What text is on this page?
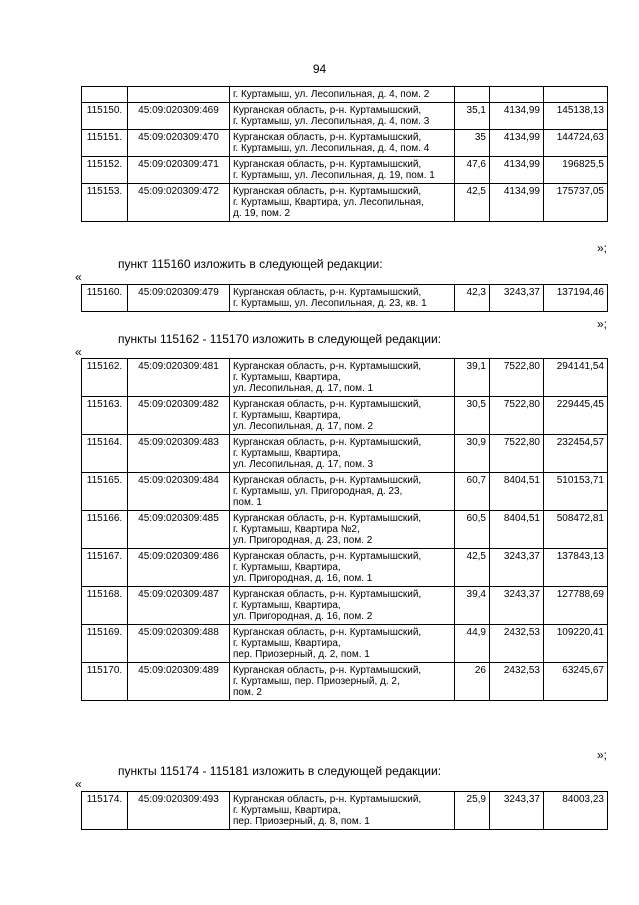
94

		г. Куртамыш, ул. Лесопильная, д. 4, пом. 2			

115150.	45:09:020309:469	Курганская область, р-н. Куртамышский,
г. Куртамыш, ул. Лесопильная, д. 4, пом. 3	35,1	4134,99	145138,13
115151.	45:09:020309:470	Курганская область, р-н. Куртамышский,
г. Куртамыш, ул. Лесопильная, д. 4, пом. 4	35	4134,99	144724,63
115152.	45:09:020309:471	Курганская область, р-н. Куртамышский,
г. Куртамыш, ул. Лесопильная, д. 19, пом. 1	47,6	4134,99	196825,5
115153.	45:09:020309:472	Курганская область, р-н. Куртамышский,
г. Куртамыш, Квартира, ул. Лесопильная,
д. 19, пом. 2	42,5	4134,99	175737,05
»;
пункт 115160 изложить в следующей редакции:
«
115160.	45:09:020309:479	Курганская область, р-н. Куртамышский,
г. Куртамыш, ул. Лесопильная, д. 23, кв. 1
	42,3	3243,37	137194,46
»;
пункты 115162 - 115170 изложить в следующей редакции:
«
115162.	45:09:020309:481	Курганская область, р-н. Куртамышский,
г. Куртамыш, Квартира,
ул. Лесопильная, д. 17, пом. 1	39,1	7522,80	294141,54
115163.	45:09:020309:482	Курганская область, р-н. Куртамышский,
г. Куртамыш, Квартира,
ул. Лесопильная, д. 17, пом. 2	30,5	7522,80	229445,45
115164.	45:09:020309:483	Курганская область, р-н. Куртамышский,
г. Куртамыш, Квартира,
ул. Лесопильная, д. 17, пом. 3	30,9	7522,80	232454,57
115165.	45:09:020309:484	Курганская область, р-н. Куртамышский,
г. Куртамыш, ул. Пригородная, д. 23,
пом. 1	60,7	8404,51	510153,71
115166.	45:09:020309:485	Курганская область, р-н. Куртамышский,
г. Куртамыш, Квартира №2,
ул. Пригородная, д. 23, пом. 2	60,5	8404,51	508472,81
115167.	45:09:020309:486	Курганская область, р-н. Куртамышский,
г. Куртамыш, Квартира,
ул. Пригородная, д. 16, пом. 1	42,5	3243,37	137843,13
115168.	45:09:020309:487	Курганская область, р-н. Куртамышский,
г. Куртамыш, Квартира,
ул. Пригородная, д. 16, пом. 2	39,4	3243,37	127788,69
115169.	45:09:020309:488	Курганская область, р-н. Куртамышский,
г. Куртамыш, Квартира,
пер. Приозерный, д. 2, пом. 1	44,9	2432,53	109220,41
115170.	45:09:020309:489	Курганская область, р-н. Куртамышский,
г. Куртамыш, пер. Приозерный, д. 2,
пом. 2	26	2432,53	63245,67
»;
пункты 115174 - 115181 изложить в следующей редакции:
«
115174.	45:09:020309:493	Курганская область, р-н. Куртамышский,
г. Куртамыш, Квартира,
пер. Приозерный, д. 8, пом. 1
	25,9	3243,37	84003,23
